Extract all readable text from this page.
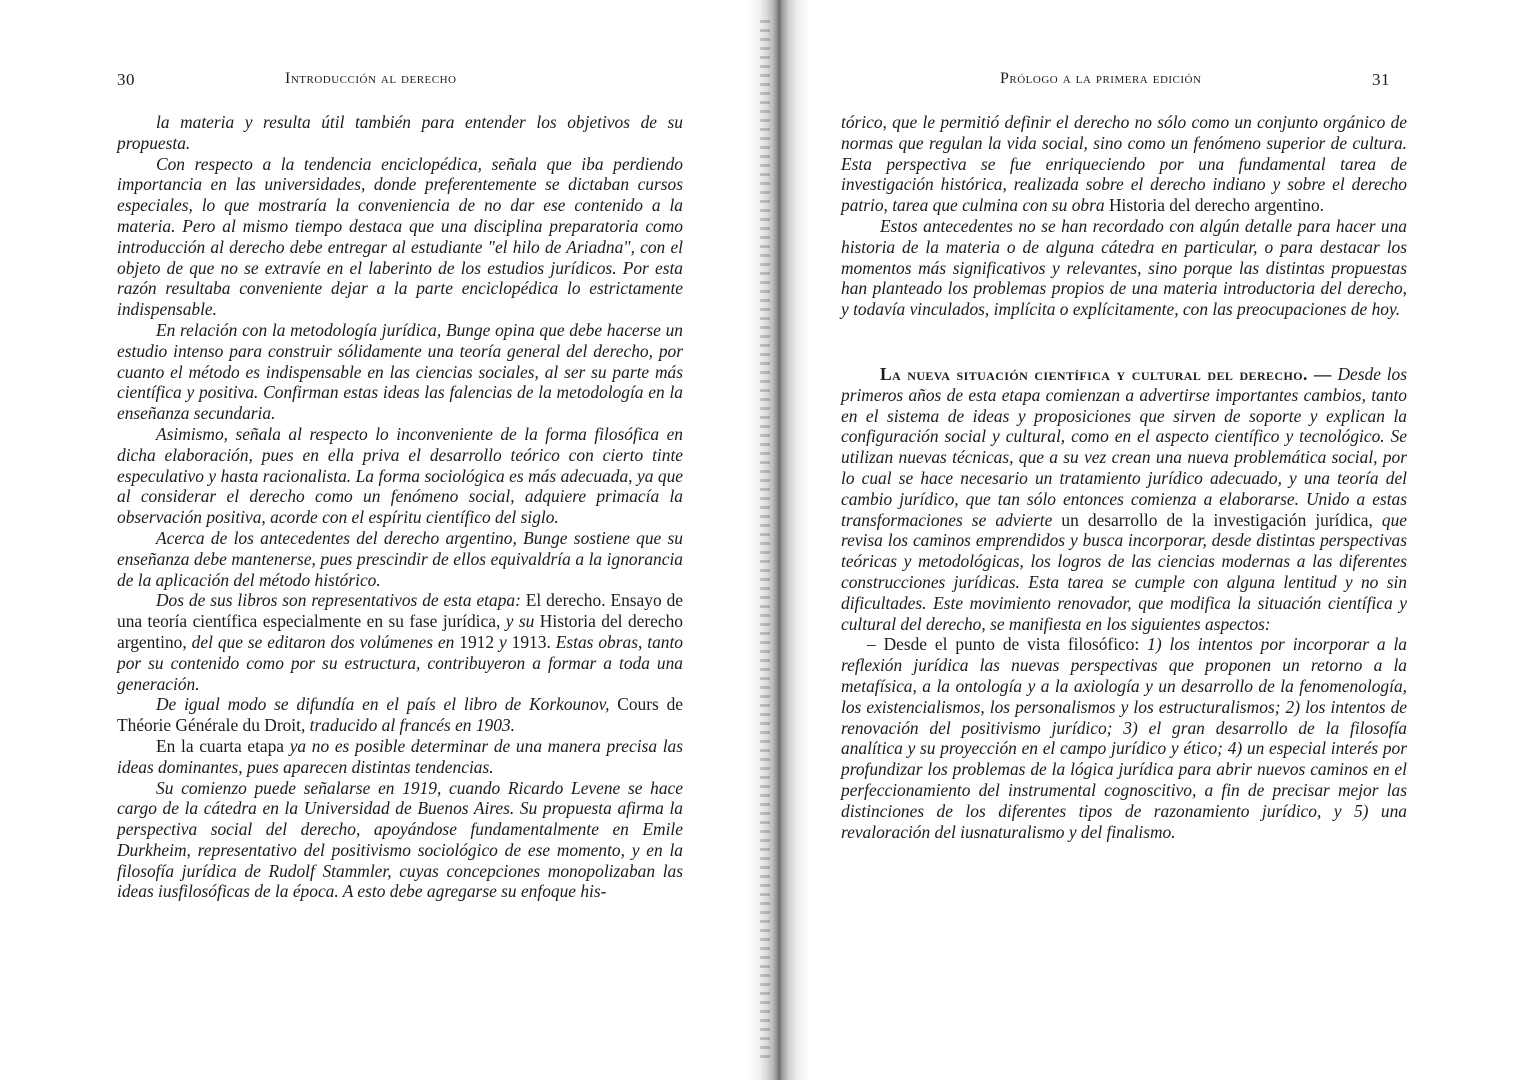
30	Introducción al derecho

la materia y resulta útil también para entender los objetivos de su propuesta.

Con respecto a la tendencia enciclopédica, señala que iba perdiendo importancia en las universidades, donde preferentemente se dictaban cursos especiales, lo que mostraría la conveniencia de no dar ese contenido a la materia. Pero al mismo tiempo destaca que una disciplina preparatoria como introducción al derecho debe entregar al estudiante "el hilo de Ariadna", con el objeto de que no se extravíe en el laberinto de los estudios jurídicos. Por esta razón resultaba conveniente dejar a la parte enciclopédica lo estrictamente indispensable.

En relación con la metodología jurídica, Bunge opina que debe hacerse un estudio intenso para construir sólidamente una teoría general del derecho, por cuanto el método es indispensable en las ciencias sociales, al ser su parte más científica y positiva. Confirman estas ideas las falencias de la metodología en la enseñanza secundaria.

Asimismo, señala al respecto lo inconveniente de la forma filosófica en dicha elaboración, pues en ella priva el desarrollo teórico con cierto tinte especulativo y hasta racionalista. La forma sociológica es más adecuada, ya que al considerar el derecho como un fenómeno social, adquiere primacía la observación positiva, acorde con el espíritu científico del siglo.

Acerca de los antecedentes del derecho argentino, Bunge sostiene que su enseñanza debe mantenerse, pues prescindir de ellos equivaldría a la ignorancia de la aplicación del método histórico.

Dos de sus libros son representativos de esta etapa: El derecho. Ensayo de una teoría científica especialmente en su fase jurídica, y su Historia del derecho argentino, del que se editaron dos volúmenes en 1912 y 1913. Estas obras, tanto por su contenido como por su estructura, contribuyeron a formar a toda una generación.

De igual modo se difundía en el país el libro de Korkounov, Cours de Théorie Générale du Droit, traducido al francés en 1903.

En la cuarta etapa ya no es posible determinar de una manera precisa las ideas dominantes, pues aparecen distintas tendencias.

Su comienzo puede señalarse en 1919, cuando Ricardo Levene se hace cargo de la cátedra en la Universidad de Buenos Aires. Su propuesta afirma la perspectiva social del derecho, apoyándose fundamentalmente en Emile Durkheim, representativo del positivismo sociológico de ese momento, y en la filosofía jurídica de Rudolf Stammler, cuyas concepciones monopolizaban las ideas iusfilosóficas de la época. A esto debe agregarse su enfoque his-

Prólogo a la primera edición	31

tórico, que le permitió definir el derecho no sólo como un conjunto orgánico de normas que regulan la vida social, sino como un fenómeno superior de cultura. Esta perspectiva se fue enriqueciendo por una fundamental tarea de investigación histórica, realizada sobre el derecho indiano y sobre el derecho patrio, tarea que culmina con su obra Historia del derecho argentino.

Estos antecedentes no se han recordado con algún detalle para hacer una historia de la materia o de alguna cátedra en particular, o para destacar los momentos más significativos y relevantes, sino porque las distintas propuestas han planteado los problemas propios de una materia introductoria del derecho, y todavía vinculados, implícita o explícitamente, con las preocupaciones de hoy.

La nueva situación científica y cultural del derecho. — Desde los primeros años de esta etapa comienzan a advertirse importantes cambios, tanto en el sistema de ideas y proposiciones que sirven de soporte y explican la configuración social y cultural, como en el aspecto científico y tecnológico. Se utilizan nuevas técnicas, que a su vez crean una nueva problemática social, por lo cual se hace necesario un tratamiento jurídico adecuado, y una teoría del cambio jurídico, que tan sólo entonces comienza a elaborarse. Unido a estas transformaciones se advierte un desarrollo de la investigación jurídica, que revisa los caminos emprendidos y busca incorporar, desde distintas perspectivas teóricas y metodológicas, los logros de las ciencias modernas a las diferentes construcciones jurídicas. Esta tarea se cumple con alguna lentitud y no sin dificultades. Este movimiento renovador, que modifica la situación científica y cultural del derecho, se manifiesta en los siguientes aspectos:

– Desde el punto de vista filosófico: 1) los intentos por incorporar a la reflexión jurídica las nuevas perspectivas que proponen un retorno a la metafísica, a la ontología y a la axiología y un desarrollo de la fenomenología, los existencialismos, los personalismos y los estructuralismos; 2) los intentos de renovación del positivismo jurídico; 3) el gran desarrollo de la filosofía analítica y su proyección en el campo jurídico y ético; 4) un especial interés por profundizar los problemas de la lógica jurídica para abrir nuevos caminos en el perfeccionamiento del instrumental cognoscitivo, a fin de precisar mejor las distinciones de los diferentes tipos de razonamiento jurídico, y 5) una revaloración del iusnaturalismo y del finalismo.
